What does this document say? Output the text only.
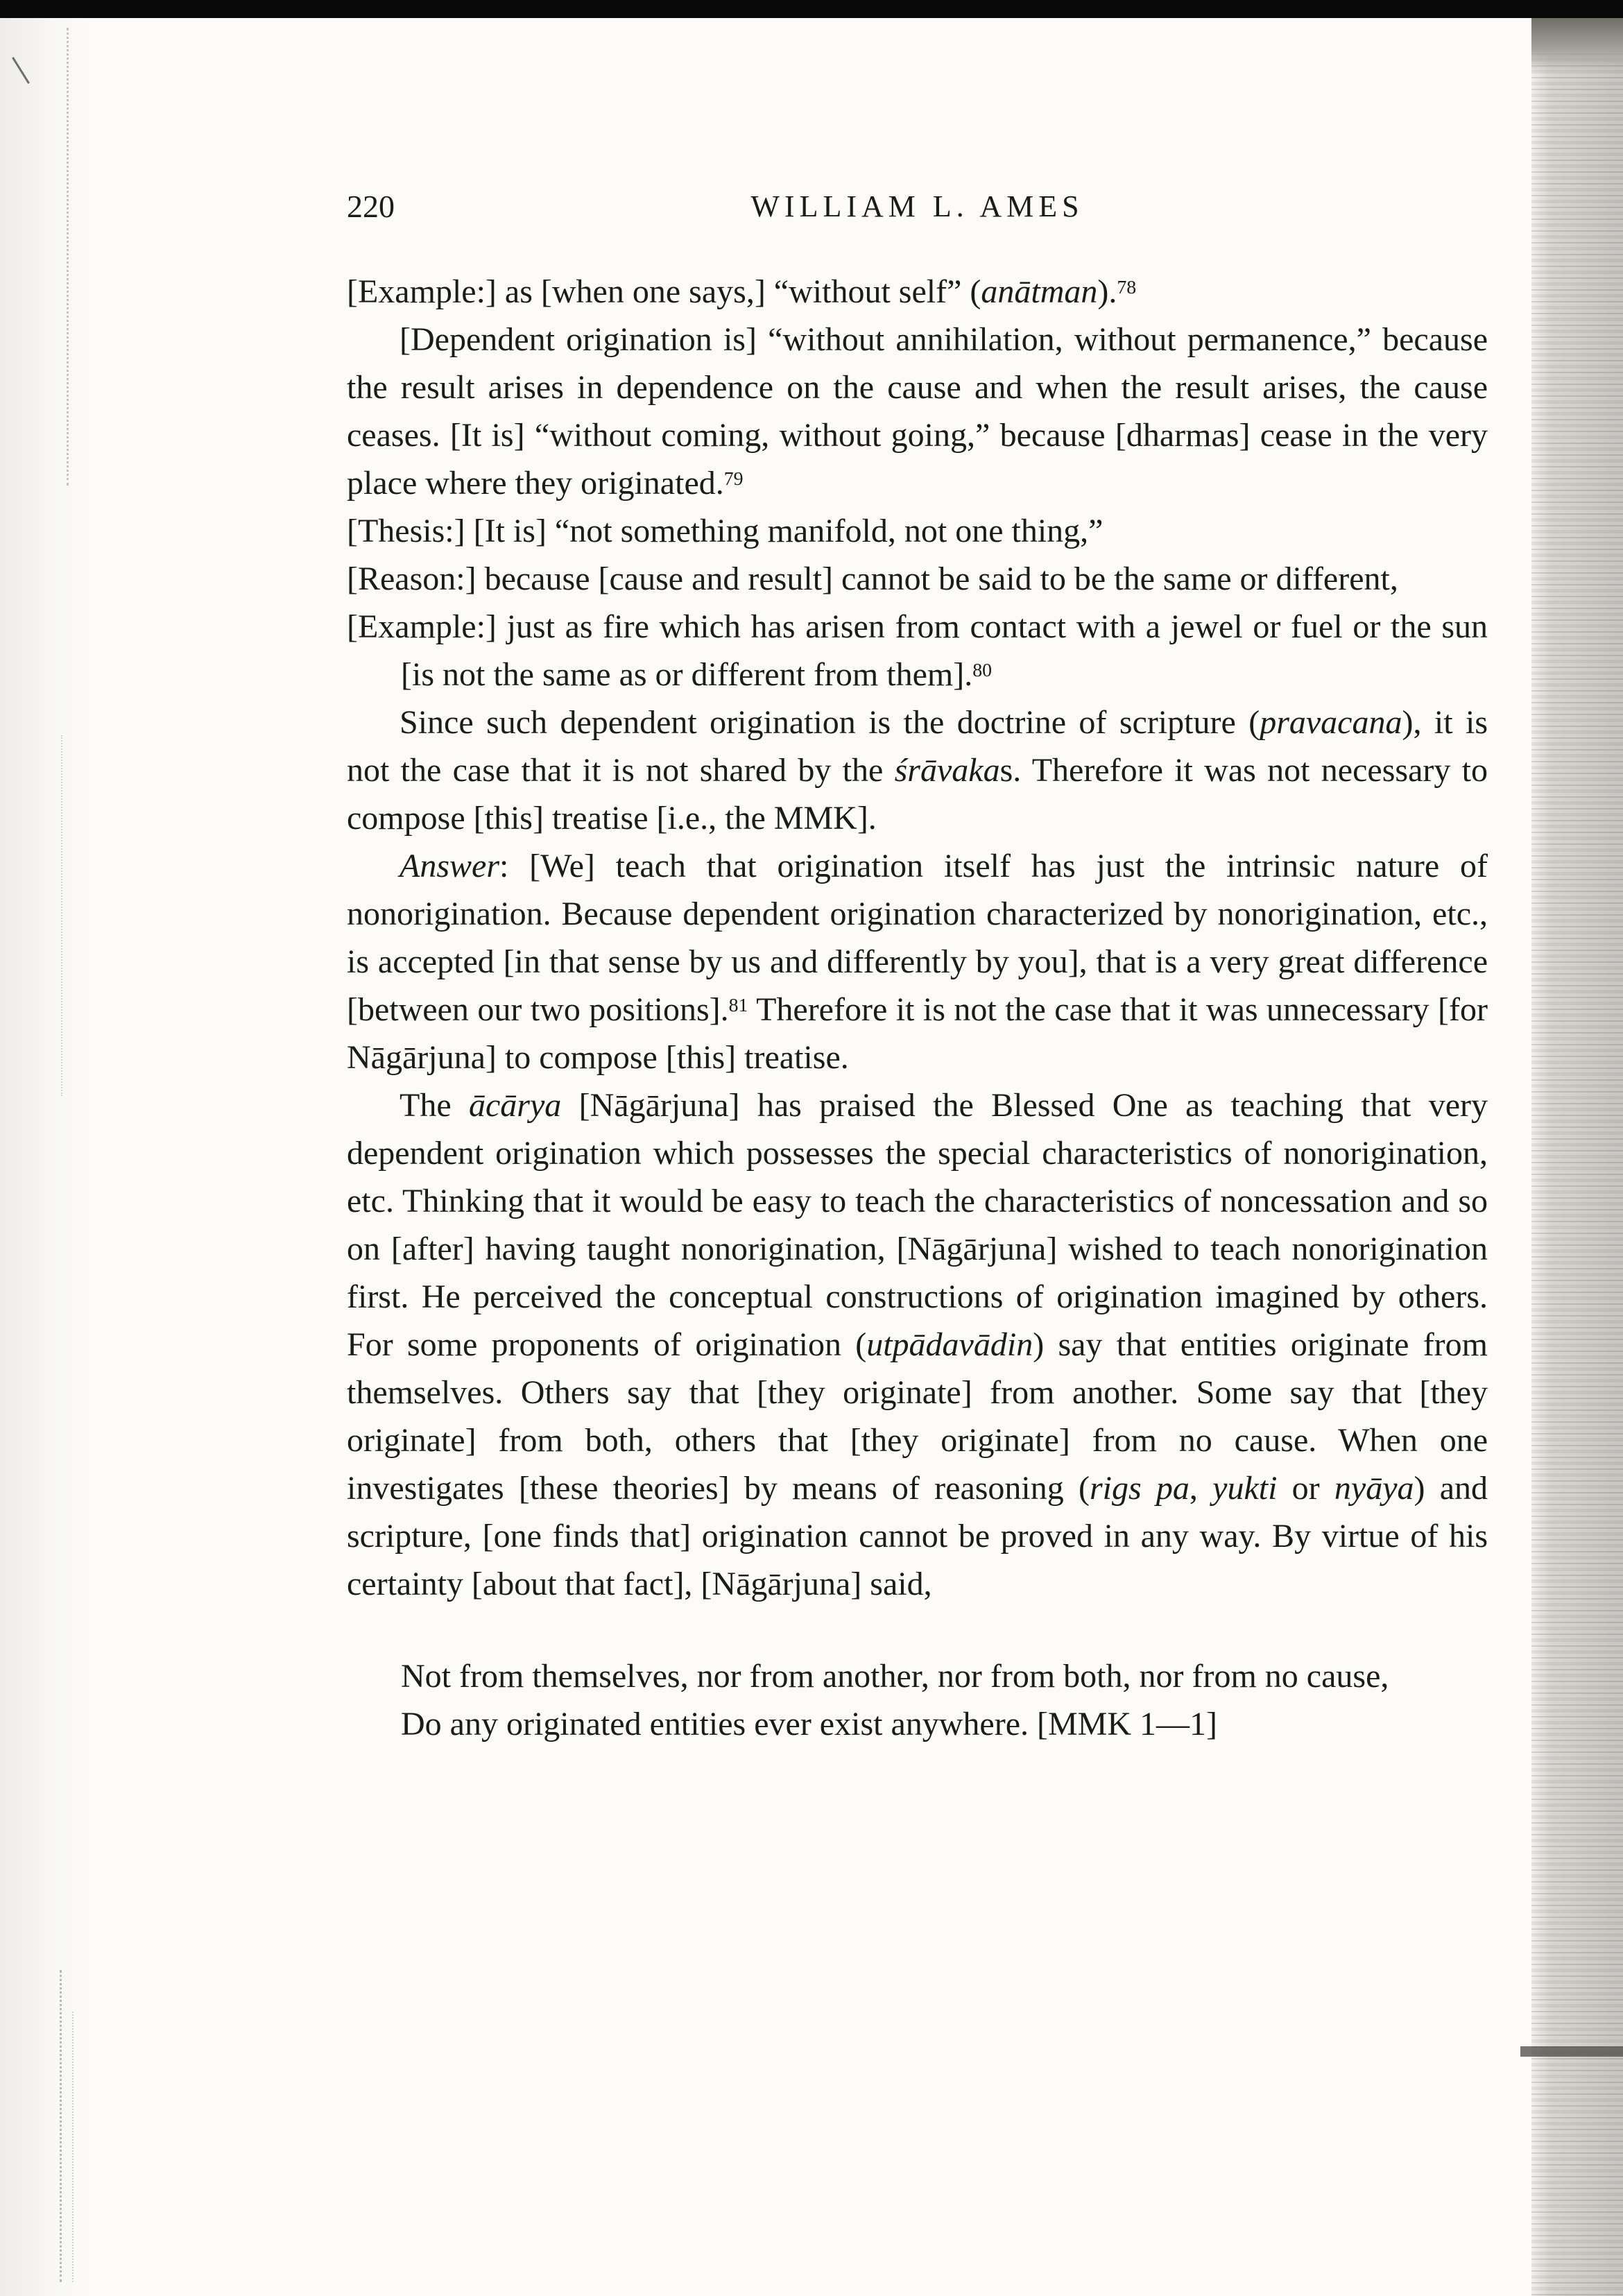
220	WILLIAM L. AMES

[Example:] as [when one says,] “without self” (anātman).$^{78}$

[Dependent origination is] “without annihilation, without permanence,” because the result arises in dependence on the cause and when the result arises, the cause ceases. [It is] “without coming, without going,” because [dharmas] cease in the very place where they originated.$^{79}$

[Thesis:] [It is] “not something manifold, not one thing,”

[Reason:] because [cause and result] cannot be said to be the same or different,

[Example:] just as fire which has arisen from contact with a jewel or fuel or the sun [is not the same as or different from them].$^{80}$

Since such dependent origination is the doctrine of scripture (pravacana), it is not the case that it is not shared by the śrāvakas. Therefore it was not necessary to compose [this] treatise [i.e., the MMK].

Answer: [We] teach that origination itself has just the intrinsic nature of nonorigination. Because dependent origination characterized by nonorigination, etc., is accepted [in that sense by us and differently by you], that is a very great difference [between our two positions].$^{81}$ Therefore it is not the case that it was unnecessary [for Nāgārjuna] to compose [this] treatise.

The ācārya [Nāgārjuna] has praised the Blessed One as teaching that very dependent origination which possesses the special characteristics of nonorigination, etc. Thinking that it would be easy to teach the characteristics of noncessation and so on [after] having taught nonorigination, [Nāgārjuna] wished to teach nonorigination first. He perceived the conceptual constructions of origination imagined by others. For some proponents of origination (utpādavādin) say that entities originate from themselves. Others say that [they originate] from another. Some say that [they originate] from both, others that [they originate] from no cause. When one investigates [these theories] by means of reasoning (rigs pa, yukti or nyāya) and scripture, [one finds that] origination cannot be proved in any way. By virtue of his certainty [about that fact], [Nāgārjuna] said,

Not from themselves, nor from another, nor from both, nor from no cause,

Do any originated entities ever exist anywhere. [MMK 1—1]
